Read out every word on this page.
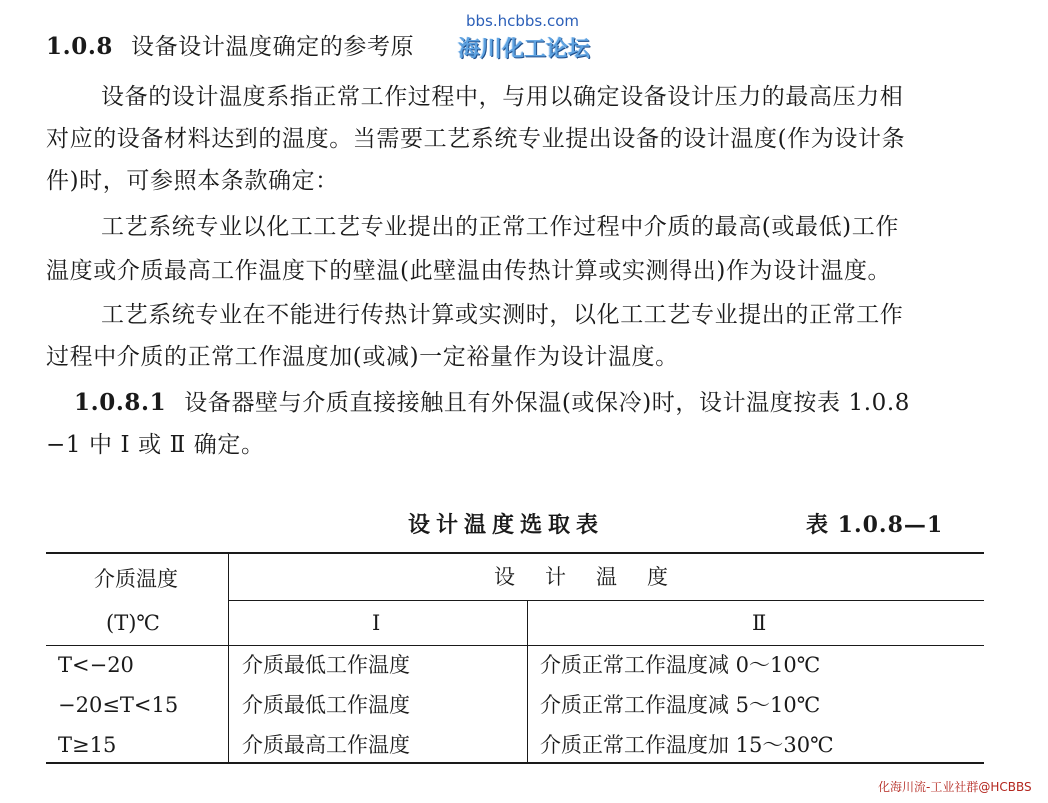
bbs.hcbbs.com
海川化工论坛
1.0.8 设备设计温度确定的参考原
设备的设计温度系指正常工作过程中，与用以确定设备设计压力的最高压力相
对应的设备材料达到的温度。当需要工艺系统专业提出设备的设计温度(作为设计条
件)时，可参照本条款确定：
工艺系统专业以化工工艺专业提出的正常工作过程中介质的最高(或最低)工作
温度或介质最高工作温度下的壁温(此壁温由传热计算或实测得出)作为设计温度。
工艺系统专业在不能进行传热计算或实测时，以化工工艺专业提出的正常工作
过程中介质的正常工作温度加(或减)一定裕量作为设计温度。
1.0.8.1 设备器壁与介质直接接触且有外保温(或保冷)时，设计温度按表 1.0.8
−1 中 Ⅰ 或 Ⅱ 确定。
设计温度选取表	表 1.0.8—1
介质温度
(T)℃
设计温度
Ⅰ	Ⅱ
T<−20	介质最低工作温度	介质正常工作温度减 0～10℃
−20≤T<15	介质最低工作温度	介质正常工作温度减 5～10℃
T≥15	介质最高工作温度	介质正常工作温度加 15～30℃
化海川流-工业社群@HCBBS
